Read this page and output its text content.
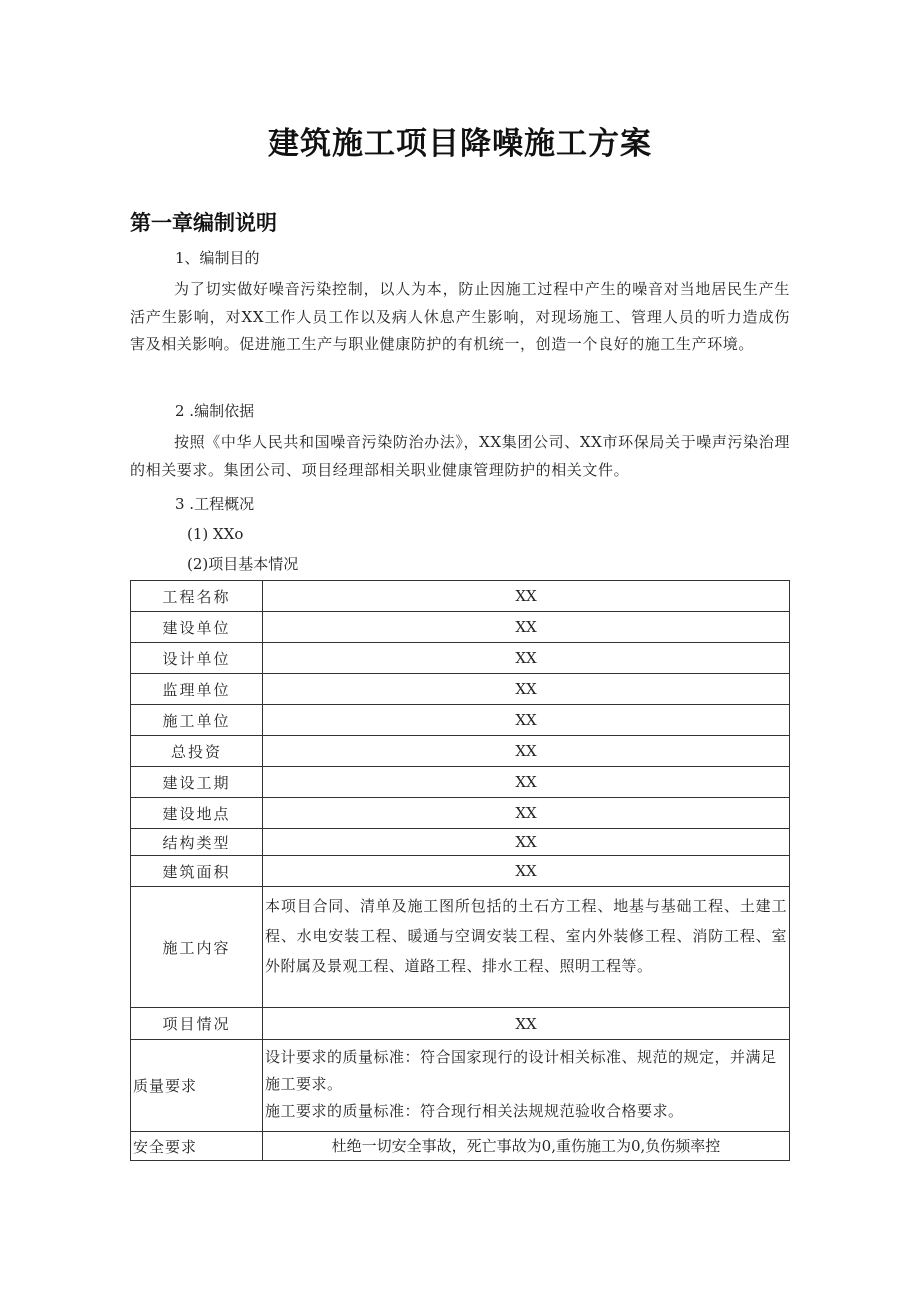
建筑施工项目降噪施工方案
第一章编制说明
1、编制目的
为了切实做好噪音污染控制，以人为本，防止因施工过程中产生的噪音对当地居民生产生活产生影响，对XX工作人员工作以及病人休息产生影响，对现场施工、管理人员的听力造成伤害及相关影响。促进施工生产与职业健康防护的有机统一，创造一个良好的施工生产环境。
2 .编制依据
按照《中华人民共和国噪音污染防治办法》，XX集团公司、XX市环保局关于噪声污染治理的相关要求。集团公司、项目经理部相关职业健康管理防护的相关文件。
3 .工程概况
(1) XXo
(2)项目基本情况
工程名称	XX
建设单位	XX
设计单位	XX
监理单位	XX
施工单位	XX
总投资	XX
建设工期	XX
建设地点	XX
结构类型	XX
建筑面积	XX
施工内容	本项目合同、清单及施工图所包括的土石方工程、地基与基础工程、土建工程、水电安装工程、暖通与空调安装工程、室内外装修工程、消防工程、室外附属及景观工程、道路工程、排水工程、照明工程等。
项目情况	XX
质量要求	设计要求的质量标准：符合国家现行的设计相关标准、规范的规定，并满足施工要求。
施工要求的质量标准：符合现行相关法规规范验收合格要求。

安全要求	杜绝一切安全事故，死亡事故为0,重伤施工为0,负伤频率控
